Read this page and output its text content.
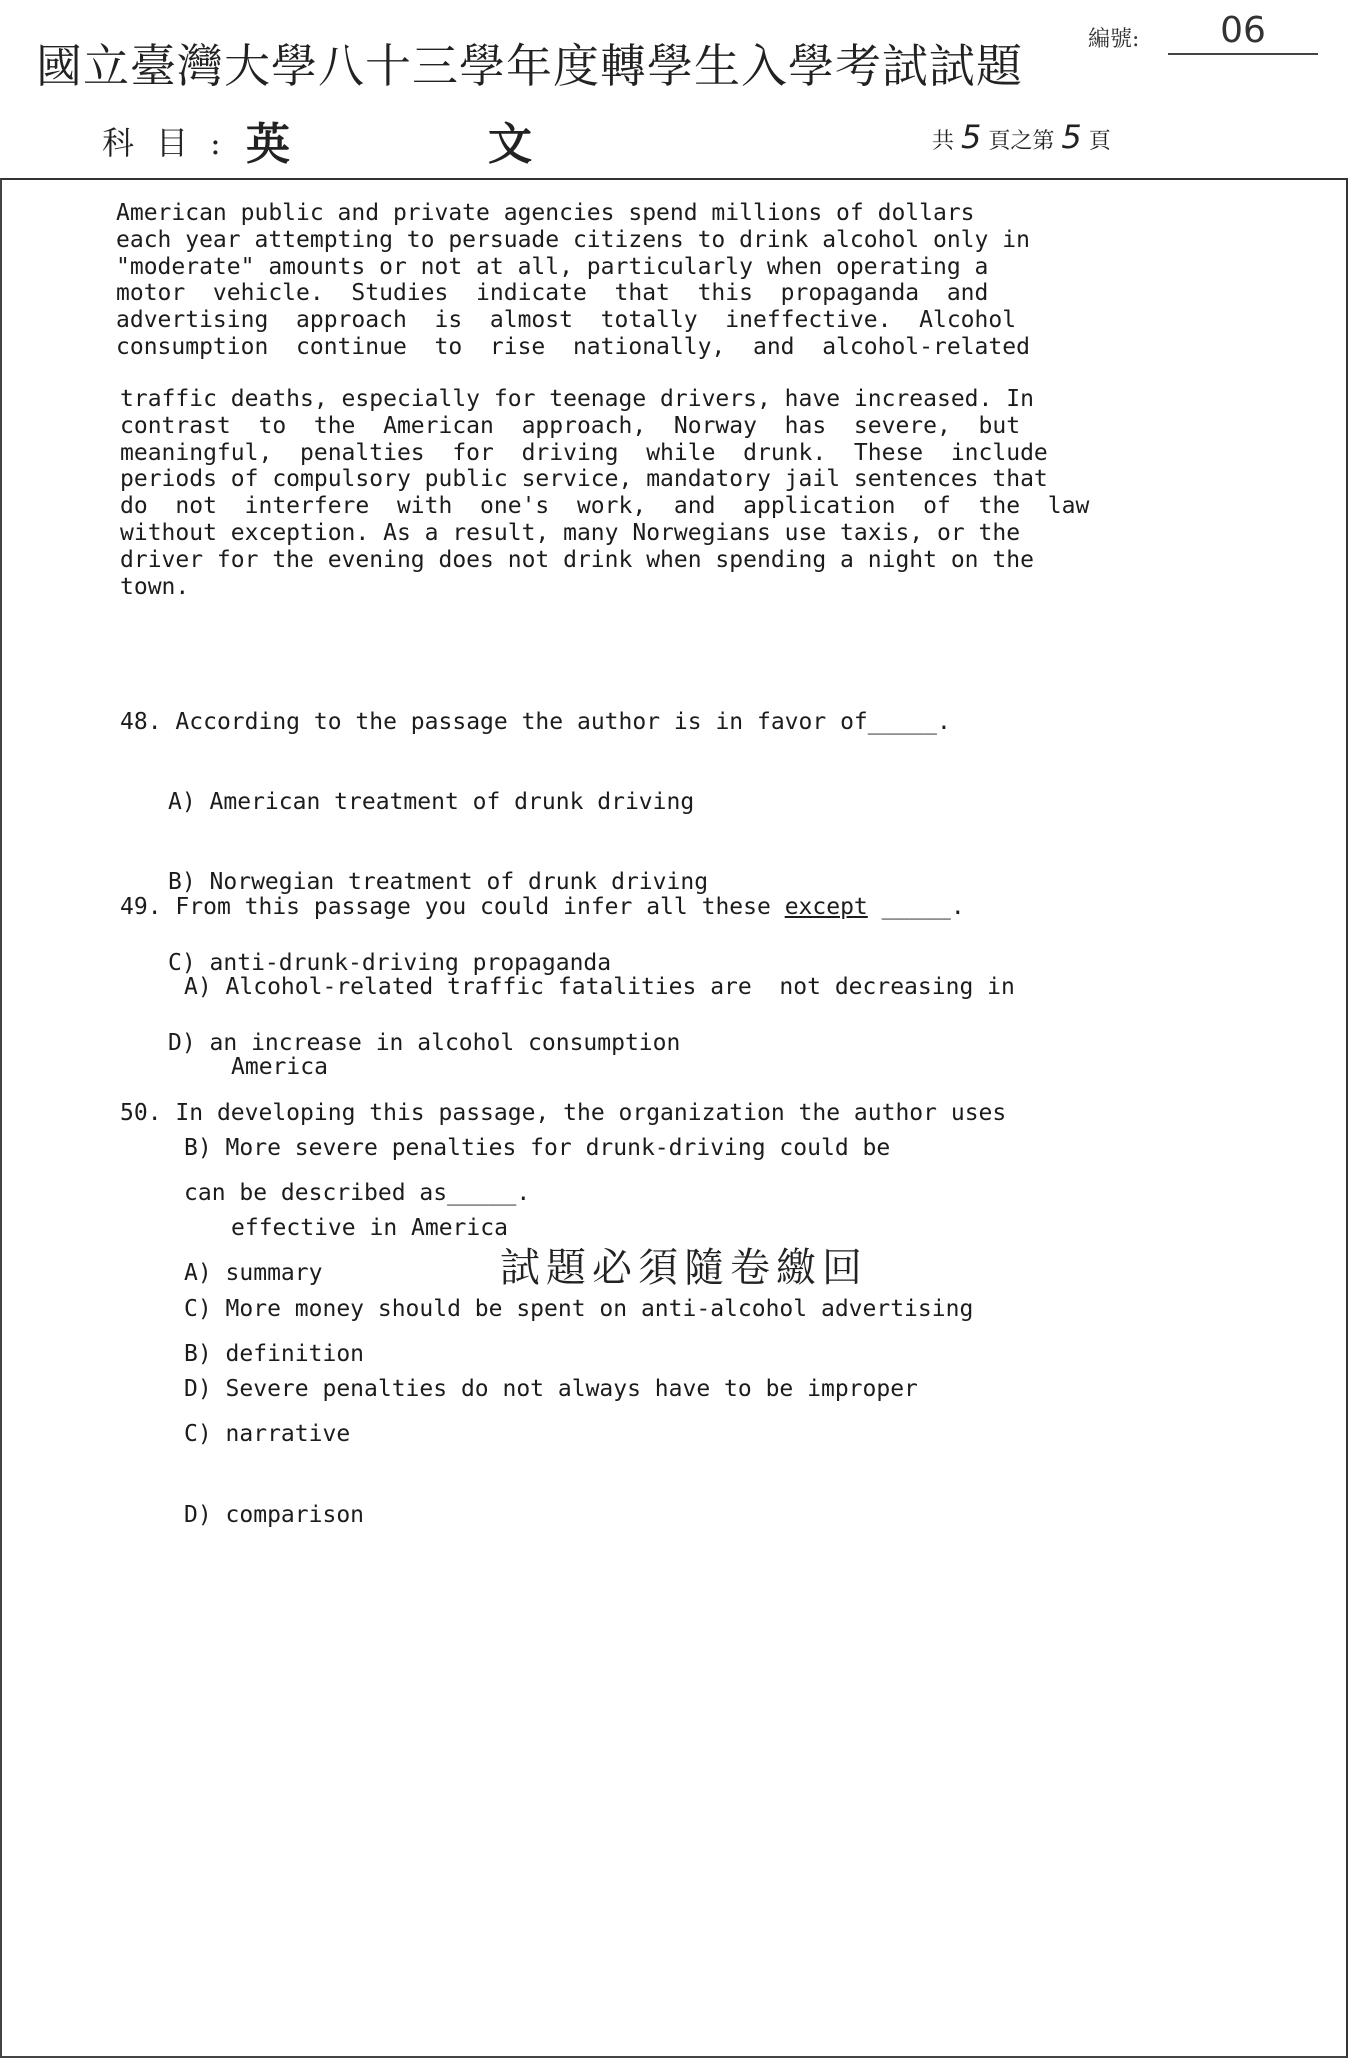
國立臺灣大學八十三學年度轉學生入學考試試題	編號:	06
科目: 英文	共 5 頁之第 5 頁
American public and private agencies spend millions of dollars
each year attempting to persuade citizens to drink alcohol only in
"moderate" amounts or not at all, particularly when operating a
motor  vehicle.  Studies  indicate  that  this  propaganda  and
advertising  approach  is  almost  totally  ineffective.  Alcohol
consumption  continue  to  rise  nationally,  and  alcohol-related
traffic deaths, especially for teenage drivers, have increased. In
contrast  to  the  American  approach,  Norway  has  severe,  but
meaningful,  penalties  for  driving  while  drunk.  These  include
periods of compulsory public service, mandatory jail sentences that
do  not  interfere  with  one's  work,  and  application  of  the  law
without exception. As a result, many Norwegians use taxis, or the
driver for the evening does not drink when spending a night on the
town.

48. According to the passage the author is in favor of_____.

A) American treatment of drunk driving

B) Norwegian treatment of drunk driving

C) anti-drunk-driving propaganda

D) an increase in alcohol consumption

49. From this passage you could infer all these except _____.

A) Alcohol-related traffic fatalities are  not decreasing in

America

B) More severe penalties for drunk-driving could be

effective in America

C) More money should be spent on anti-alcohol advertising

D) Severe penalties do not always have to be improper

50. In developing this passage, the organization the author uses

can be described as_____.

A) summary

B) definition

C) narrative

D) comparison

試題必須隨卷繳回
